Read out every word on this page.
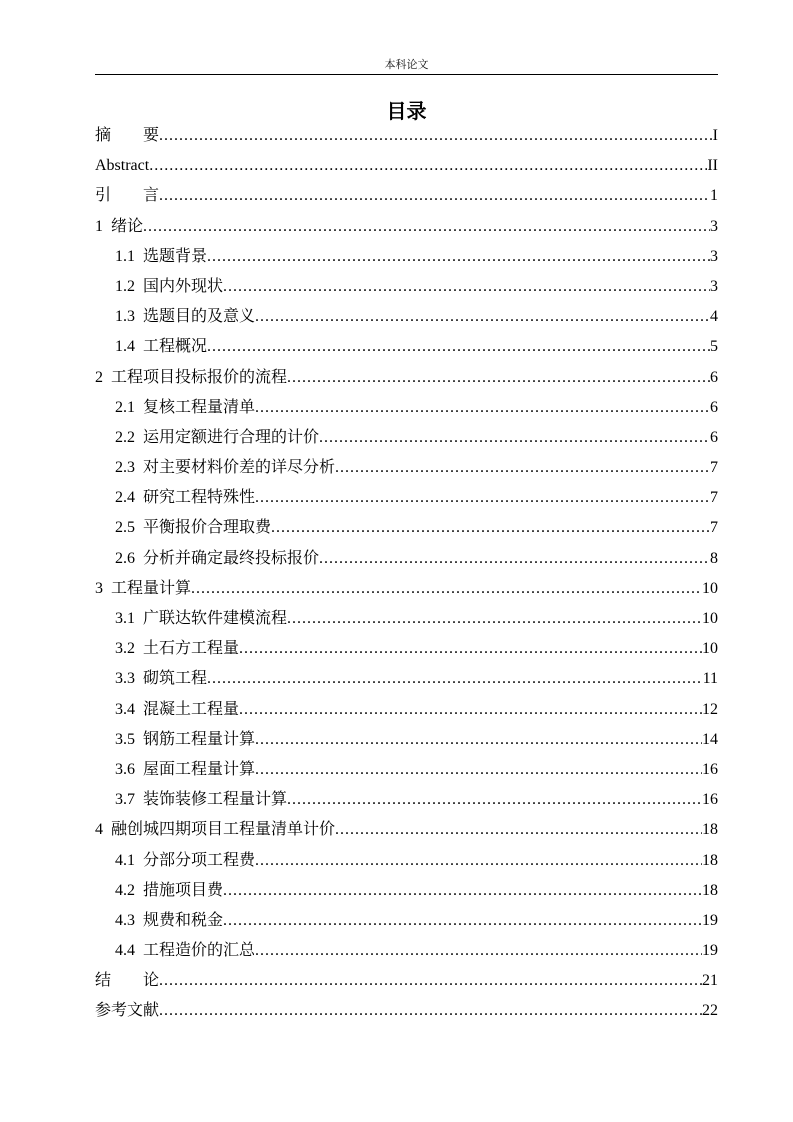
本科论文
目录
摘　　要 .....	I
Abstract .....	II
引　　言 .....	1
1 绪论 .....	3
1.1 选题背景 .....	3
1.2 国内外现状 .....	3
1.3 选题目的及意义 .....	4
1.4 工程概况 .....	5
2 工程项目投标报价的流程 .....	6
2.1 复核工程量清单 .....	6
2.2 运用定额进行合理的计价 .....	6
2.3 对主要材料价差的详尽分析 .....	7
2.4 研究工程特殊性 .....	7
2.5 平衡报价合理取费 .....	7
2.6 分析并确定最终投标报价 .....	8
3 工程量计算 .....	10
3.1 广联达软件建模流程 .....	10
3.2 土石方工程量 .....	10
3.3 砌筑工程 .....	11
3.4 混凝土工程量 .....	12
3.5 钢筋工程量计算 .....	14
3.6 屋面工程量计算 .....	16
3.7 装饰装修工程量计算 .....	16
4 融创城四期项目工程量清单计价 .....	18
4.1 分部分项工程费 .....	18
4.2 措施项目费 .....	18
4.3 规费和税金 .....	19
4.4 工程造价的汇总 .....	19
结　　论 .....	21
参考文献 .....	22
